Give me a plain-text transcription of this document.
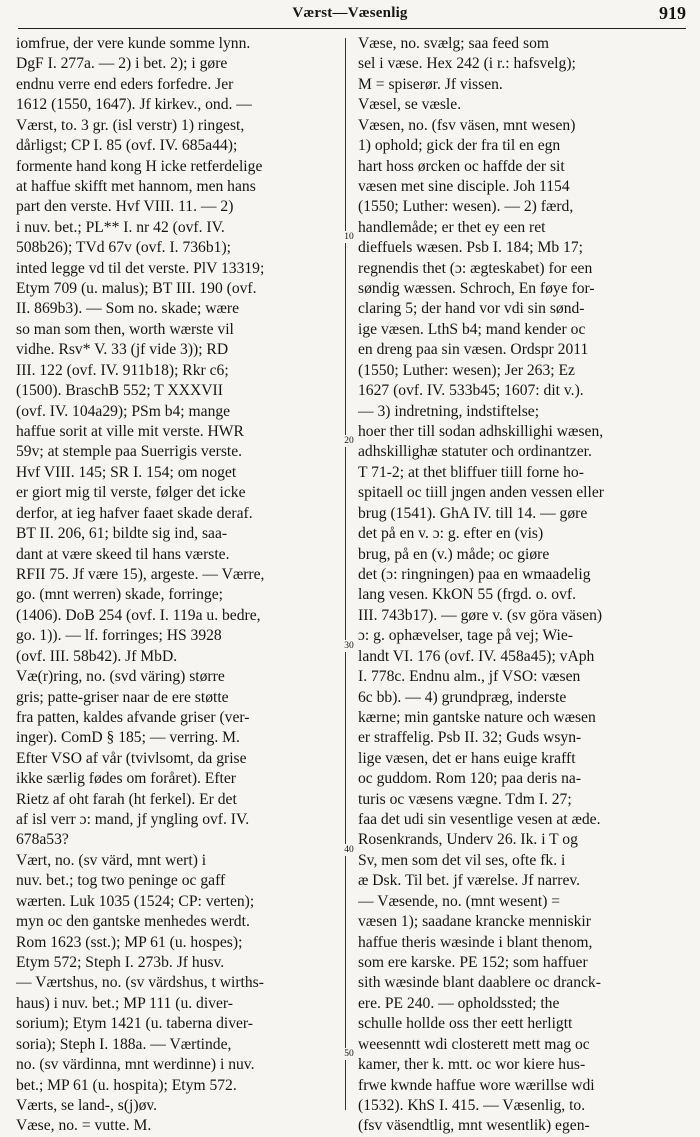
Værst—Væsenlig	919
iomfrue, der vere kunde somme lynn.
DgF I. 277a. — 2) i bet. 2); i gøre
endnu verre end eders forfedre. Jer
1612 (1550, 1647). Jf kirkev., ond. —
Værst, to. 3 gr. (isl verstr) 1) ringest,
dårligst; CP I. 85 (ovf. IV. 685a44);
formente hand kong H icke retferdelige
at haffue skifft met hannom, men hans
part den verste. Hvf VIII. 11. — 2)
i nuv. bet.; PL** I. nr 42 (ovf. IV.
508b26); TVd 67v (ovf. I. 736b1);
inted legge vd til det verste. PlV 13319;
Etym 709 (u. malus); BT III. 190 (ovf.
II. 869b3). — Som no. skade; wære
so man som then, worth wærste vil
vidhe. Rsv* V. 33 (jf vide 3)); RD
III. 122 (ovf. IV. 911b18); Rkr c6;
(1500). BraschB 552; T XXXVII
(ovf. IV. 104a29); PSm b4; mange
haffue sorit at ville mit verste. HWR
59v; at stemple paa Suerrigis verste.
Hvf VIII. 145; SR I. 154; om noget
er giort mig til verste, følger det icke
derfor, at ieg hafver faaet skade deraf.
BT II. 206, 61; bildte sig ind, saa-
dant at være skeed til hans værste.
RFII 75. Jf være 15), argeste. — Værre,
go. (mnt werren) skade, forringe;
(1406). DoB 254 (ovf. I. 119a u. bedre,
go. 1)). — lf. forringes; HS 3928
(ovf. III. 58b42). Jf MbD.
Væ(r)ring, no. (svd väring) større
gris; patte-griser naar de ere støtte
fra patten, kaldes afvande griser (ver-
inger). ComD § 185; — verring. M.
Efter VSO af vår (tvivlsomt, da grise
ikke særlig fødes om foråret). Efter
Rietz af oht farah (ht ferkel). Er det
af isl verr ɔ: mand, jf yngling ovf. IV.
678a53?
Vært, no. (sv värd, mnt wert) i
nuv. bet.; tog two peninge oc gaff
wærten. Luk 1035 (1524; CP: verten);
myn oc den gantske menhedes werdt.
Rom 1623 (sst.); MP 61 (u. hospes);
Etym 572; Steph I. 273b. Jf husv.
— Værtshus, no. (sv värdshus, t wirths-
haus) i nuv. bet.; MP 111 (u. diver-
sorium); Etym 1421 (u. taberna diver-
soria); Steph I. 188a. — Værtinde,
no. (sv värdinna, mnt werdinne) i nuv.
bet.; MP 61 (u. hospita); Etym 572.
Værts, se land-, s(j)øv.
Væse, no. = vutte. M.
Væse, no. svælg; saa feed som
sel i væse. Hex 242 (i r.: hafsvelg);
M = spiserør. Jf vissen.
Væsel, se væsle.
Væsen, no. (fsv väsen, mnt wesen)
1) ophold; gick der fra til en egn
hart hoss ørcken oc haffde der sit
væsen met sine disciple. Joh 1154
(1550; Luther: wesen). — 2) færd,
handlemåde; er thet ey een ret
dieffuels wæsen. Psb I. 184; Mb 17;
regnendis thet (ɔ: ægteskabet) for een
søndig wæssen. Schroch, En føye for-
claring 5; der hand vor vdi sin sønd-
ige væsen. LthS b4; mand kender oc
en dreng paa sin væsen. Ordspr 2011
(1550; Luther: wesen); Jer 263; Ez
1627 (ovf. IV. 533b45; 1607: dit v.).
— 3) indretning, indstiftelse;
hoer ther till sodan adhskillighi wæsen,
adhskillighæ statuter och ordinantzer.
T 71-2; at thet bliffuer tiill forne ho-
spitaell oc tiill jngen anden vessen eller
brug (1541). GhA IV. till 14. — gøre
det på en v. ɔ: g. efter en (vis)
brug, på en (v.) måde; oc giøre
det (ɔ: ringningen) paa en wmaadelig
lang vesen. KkON 55 (frgd. o. ovf.
III. 743b17). — gøre v. (sv göra väsen)
ɔ: g. ophævelser, tage på vej; Wie-
landt VI. 176 (ovf. IV. 458a45); vAph
I. 778c. Endnu alm., jf VSO: væsen
6c bb). — 4) grundpræg, inderste
kærne; min gantske nature och wæsen
er straffelig. Psb II. 32; Guds wsyn-
lige væsen, det er hans euige krafft
oc guddom. Rom 120; paa deris na-
turis oc væsens vægne. Tdm I. 27;
faa det udi sin vesentlige vesen at æde.
Rosenkrands, Underv 26. Ik. i T og
Sv, men som det vil ses, ofte fk. i
æ Dsk. Til bet. jf værelse. Jf narrev.
— Væsende, no. (mnt wesent) =
væsen 1); saadane krancke menniskir
haffue theris wæsinde i blant thenom,
som ere karske. PE 152; som haffuer
sith wæsinde blant daablere oc dranck-
ere. PE 240. — opholdssted; the
schulle hollde oss ther eett herligtt
weesenntt wdi closterett mett mag oc
kamer, ther k. mtt. oc wor kiere hus-
frwe kwnde haffue wore wærillse wdi
(1532). KhS I. 415. — Væsenlig, to.
(fsv väsendtlig, mnt wesentlik) egen-
10
20
30
40
50
